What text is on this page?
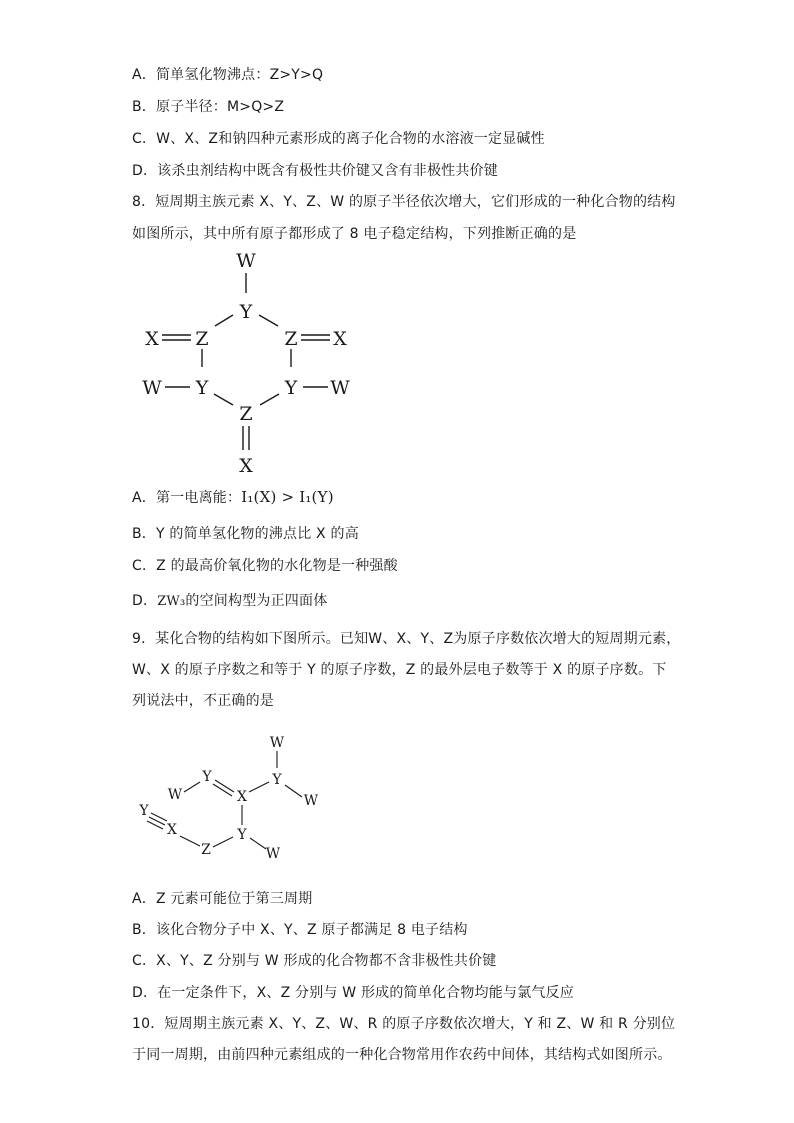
A．简单氢化物沸点：Z>Y>Q
B．原子半径：M>Q>Z
C．W、X、Z和钠四种元素形成的离子化合物的水溶液一定显碱性
D．该杀虫剂结构中既含有极性共价键又含有非极性共价键
8．短周期主族元素 X、Y、Z、W 的原子半径依次增大，它们形成的一种化合物的结构
如图所示，其中所有原子都形成了 8 电子稳定结构，下列推断正确的是
W
Y
Z	Z
X	X
Y	Y
W	W
Z
X
A．第一电离能：I₁(X) > I₁(Y)
B．Y 的简单氢化物的沸点比 X 的高
C．Z 的最高价氧化物的水化物是一种强酸
D．ZW₃的空间构型为正四面体
9．某化合物的结构如下图所示。已知W、X、Y、Z为原子序数依次增大的短周期元素，
W、X 的原子序数之和等于 Y 的原子序数，Z 的最外层电子数等于 X 的原子序数。下
列说法中，不正确的是
W
Y
W
W
Y
X
Y
X
Z
Y
W
A．Z 元素可能位于第三周期
B．该化合物分子中 X、Y、Z 原子都满足 8 电子结构
C．X、Y、Z 分别与 W 形成的化合物都不含非极性共价键
D．在一定条件下，X、Z 分别与 W 形成的简单化合物均能与氯气反应
10．短周期主族元素 X、Y、Z、W、R 的原子序数依次增大，Y 和 Z、W 和 R 分别位
于同一周期，由前四种元素组成的一种化合物常用作农药中间体，其结构式如图所示。
